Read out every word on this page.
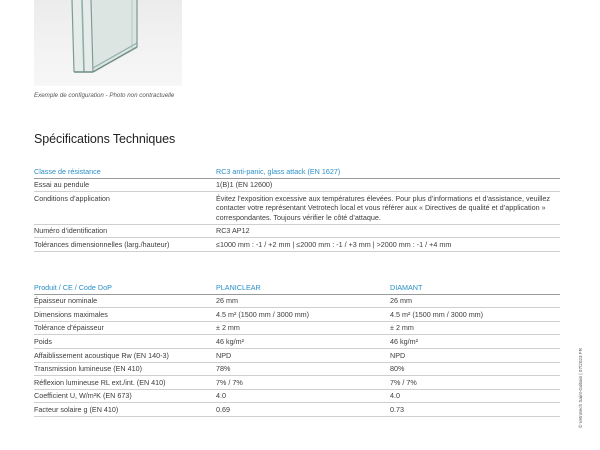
Exemple de configuration - Photo non contractuelle
Spécifications Techniques
Classe de résistance	RC3 anti-panic, glass attack (EN 1627)
Essai au pendule	1(B)1 (EN 12600)
Conditions d’application	Évitez l’exposition excessive aux températures élevées. Pour plus d’informations et d’assistance, veuillez contacter votre représentant Vetrotech local et vous référer aux « Directives de qualité et d’application » correspondantes. Toujours vérifier le côté d’attaque.
Numéro d’identification	RC3 AP12
Tolérances dimensionnelles (larg./hauteur)	≤1000 mm : -1 / +2 mm | ≤2000 mm : -1 / +3 mm | >2000 mm : -1 / +4 mm
Produit / CE / Code DoP	PLANICLEAR	DIAMANT
Épaisseur nominale	26 mm	26 mm
Dimensions maximales	4.5 m² (1500 mm / 3000 mm)	4.5 m² (1500 mm / 3000 mm)
Tolérance d’épaisseur	± 2 mm	± 2 mm
Poids	46 kg/m²	46 kg/m²
Affaiblissement acoustique Rw (EN 140-3)	NPD	NPD
Transmission lumineuse (EN 410)	78%	80%
Réflexion lumineuse RL ext./int. (EN 410)	7% / 7%	7% / 7%
Coefficient U, W/m²K (EN 673)	4.0	4.0
Facteur solaire g (EN 410)	0.69	0.73	© Vetrotech Saint-Gobain | 07/2023 FR
